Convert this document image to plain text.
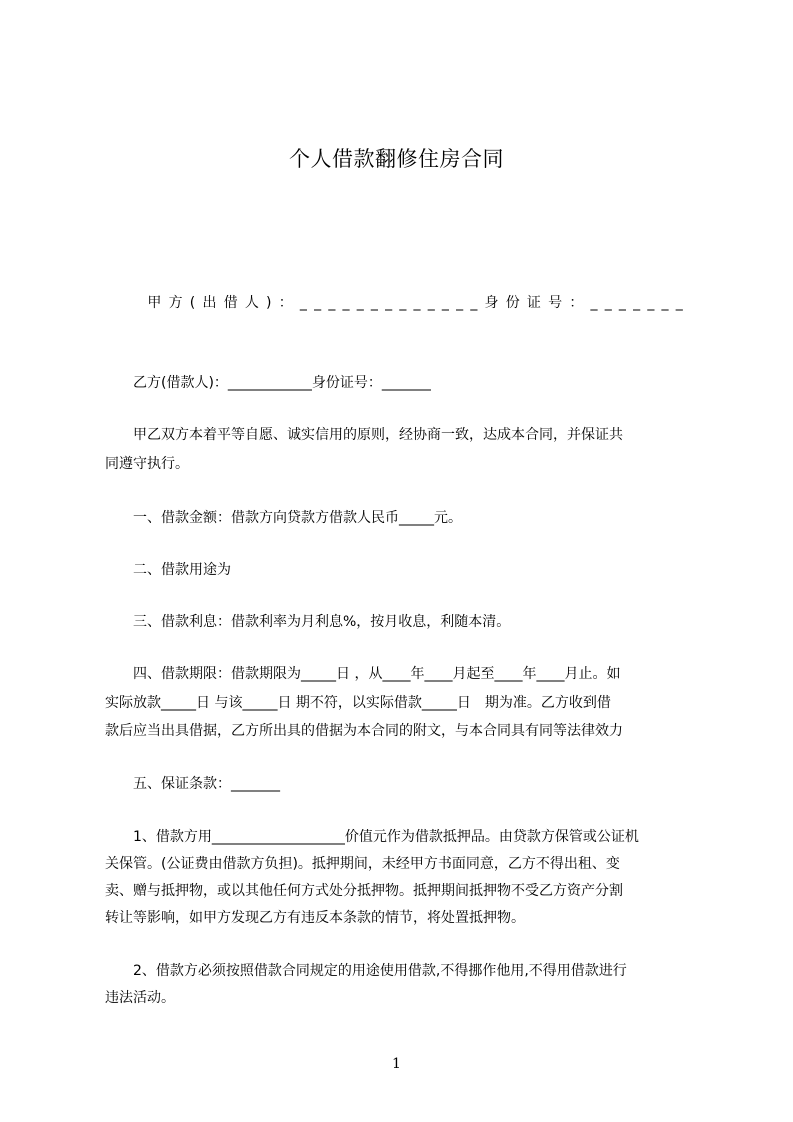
个人借款翻修住房合同
　　甲方(出借人)：_____________身份证号：_______
　　乙方(借款人)：____________身份证号：_______
　　甲乙双方本着平等自愿、诚实信用的原则，经协商一致，达成本合同，并保证共
同遵守执行。
　　一、借款金额：借款方向贷款方借款人民币_____元。
　　二、借款用途为
　　三、借款利息：借款利率为月利息%，按月收息，利随本清。
　　四、借款期限：借款期限为_____日 ，从____年____月起至____年____月止。如
实际放款_____日 与该_____日 期不符，以实际借款_____日　期为准。乙方收到借
款后应当出具借据，乙方所出具的借据为本合同的附文，与本合同具有同等法律效力
　　五、保证条款：_______
　　1、借款方用___________________价值元作为借款抵押品。由贷款方保管或公证机
关保管。(公证费由借款方负担)。抵押期间，未经甲方书面同意，乙方不得出租、变
卖、赠与抵押物，或以其他任何方式处分抵押物。抵押期间抵押物不受乙方资产分割
转让等影响，如甲方发现乙方有违反本条款的情节，将处置抵押物。
　　2、借款方必须按照借款合同规定的用途使用借款,不得挪作他用,不得用借款进行
违法活动。
1
